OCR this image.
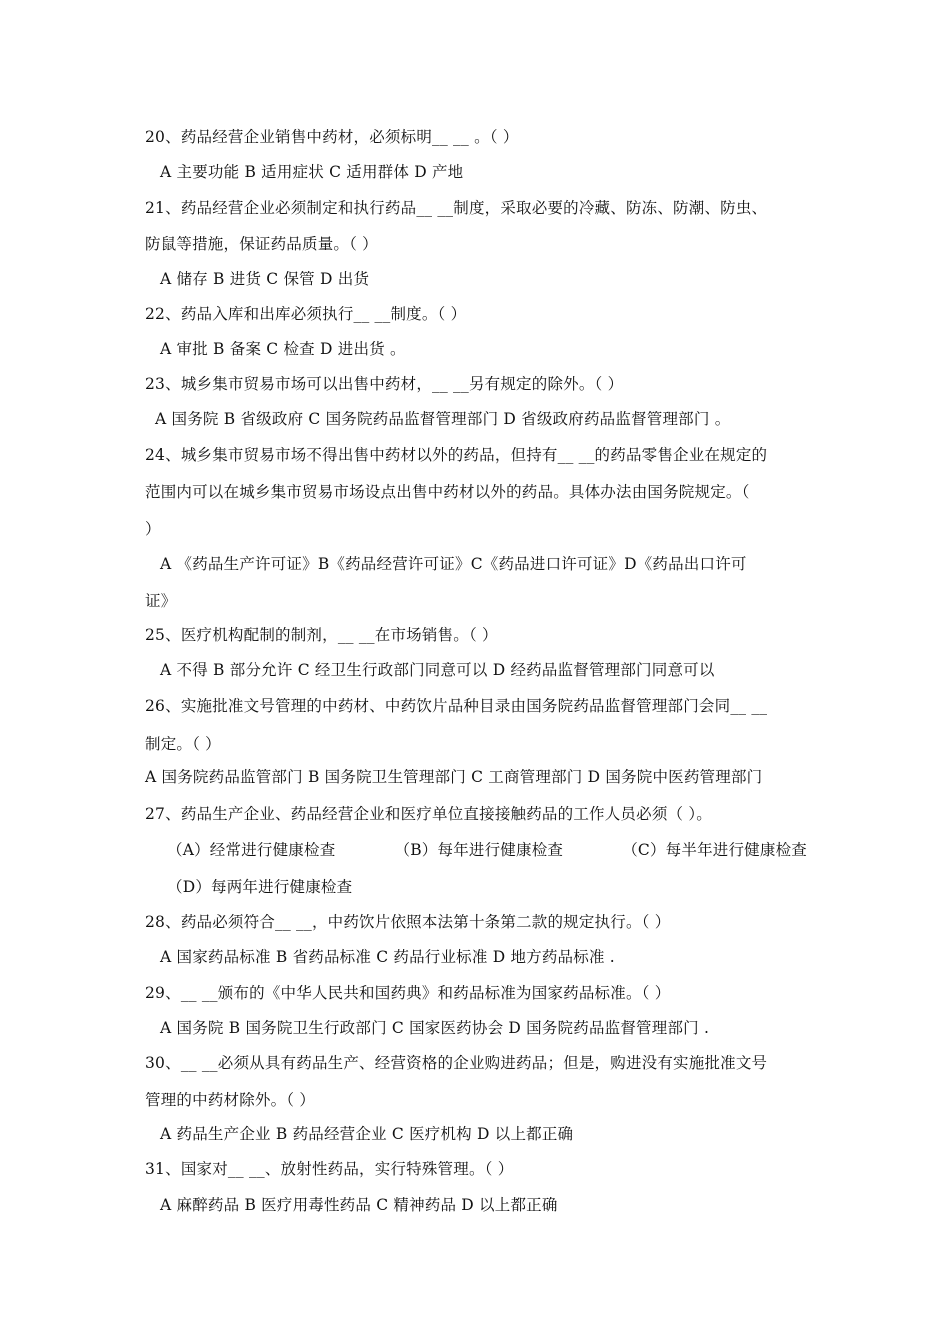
20、药品经营企业销售中药材，必须标明__ __ 。（ ）
A 主要功能 B 适用症状 C 适用群体 D 产地
21、药品经营企业必须制定和执行药品__ __制度，采取必要的冷藏、防冻、防潮、防虫、
防鼠等措施，保证药品质量。（ ）
A 储存 B 进货 C 保管 D 出货
22、药品入库和出库必须执行__ __制度。（ ）
A 审批 B 备案 C 检查 D 进出货 。
23、城乡集市贸易市场可以出售中药材，__ __另有规定的除外。（ ）
A 国务院 B 省级政府 C 国务院药品监督管理部门 D 省级政府药品监督管理部门 。
24、城乡集市贸易市场不得出售中药材以外的药品，但持有__ __的药品零售企业在规定的
范围内可以在城乡集市贸易市场设点出售中药材以外的药品。具体办法由国务院规定。（
）
A 《药品生产许可证》B《药品经营许可证》C《药品进口许可证》D《药品出口许可
证》
25、医疗机构配制的制剂，__ __在市场销售。（ ）
A 不得 B 部分允许 C 经卫生行政部门同意可以 D 经药品监督管理部门同意可以
26、实施批准文号管理的中药材、中药饮片品种目录由国务院药品监督管理部门会同__ __
制定。（ ）
A 国务院药品监管部门 B 国务院卫生管理部门 C 工商管理部门 D 国务院中医药管理部门
27、药品生产企业、药品经营企业和医疗单位直接接触药品的工作人员必须（ ）。
（A）经常进行健康检查	（B）每年进行健康检查	（C）每半年进行健康检查
（D）每两年进行健康检查
28、药品必须符合__ __，中药饮片依照本法第十条第二款的规定执行。（ ）
A 国家药品标准 B 省药品标准 C 药品行业标准 D 地方药品标准 .
29、__ __颁布的《中华人民共和国药典》和药品标准为国家药品标准。（ ）
A 国务院 B 国务院卫生行政部门 C 国家医药协会 D 国务院药品监督管理部门 .
30、__ __必须从具有药品生产、经营资格的企业购进药品；但是，购进没有实施批准文号
管理的中药材除外。（ ）
A 药品生产企业 B 药品经营企业 C 医疗机构 D 以上都正确
31、国家对__ __、放射性药品，实行特殊管理。（ ）
A 麻醉药品 B 医疗用毒性药品 C 精神药品 D 以上都正确
